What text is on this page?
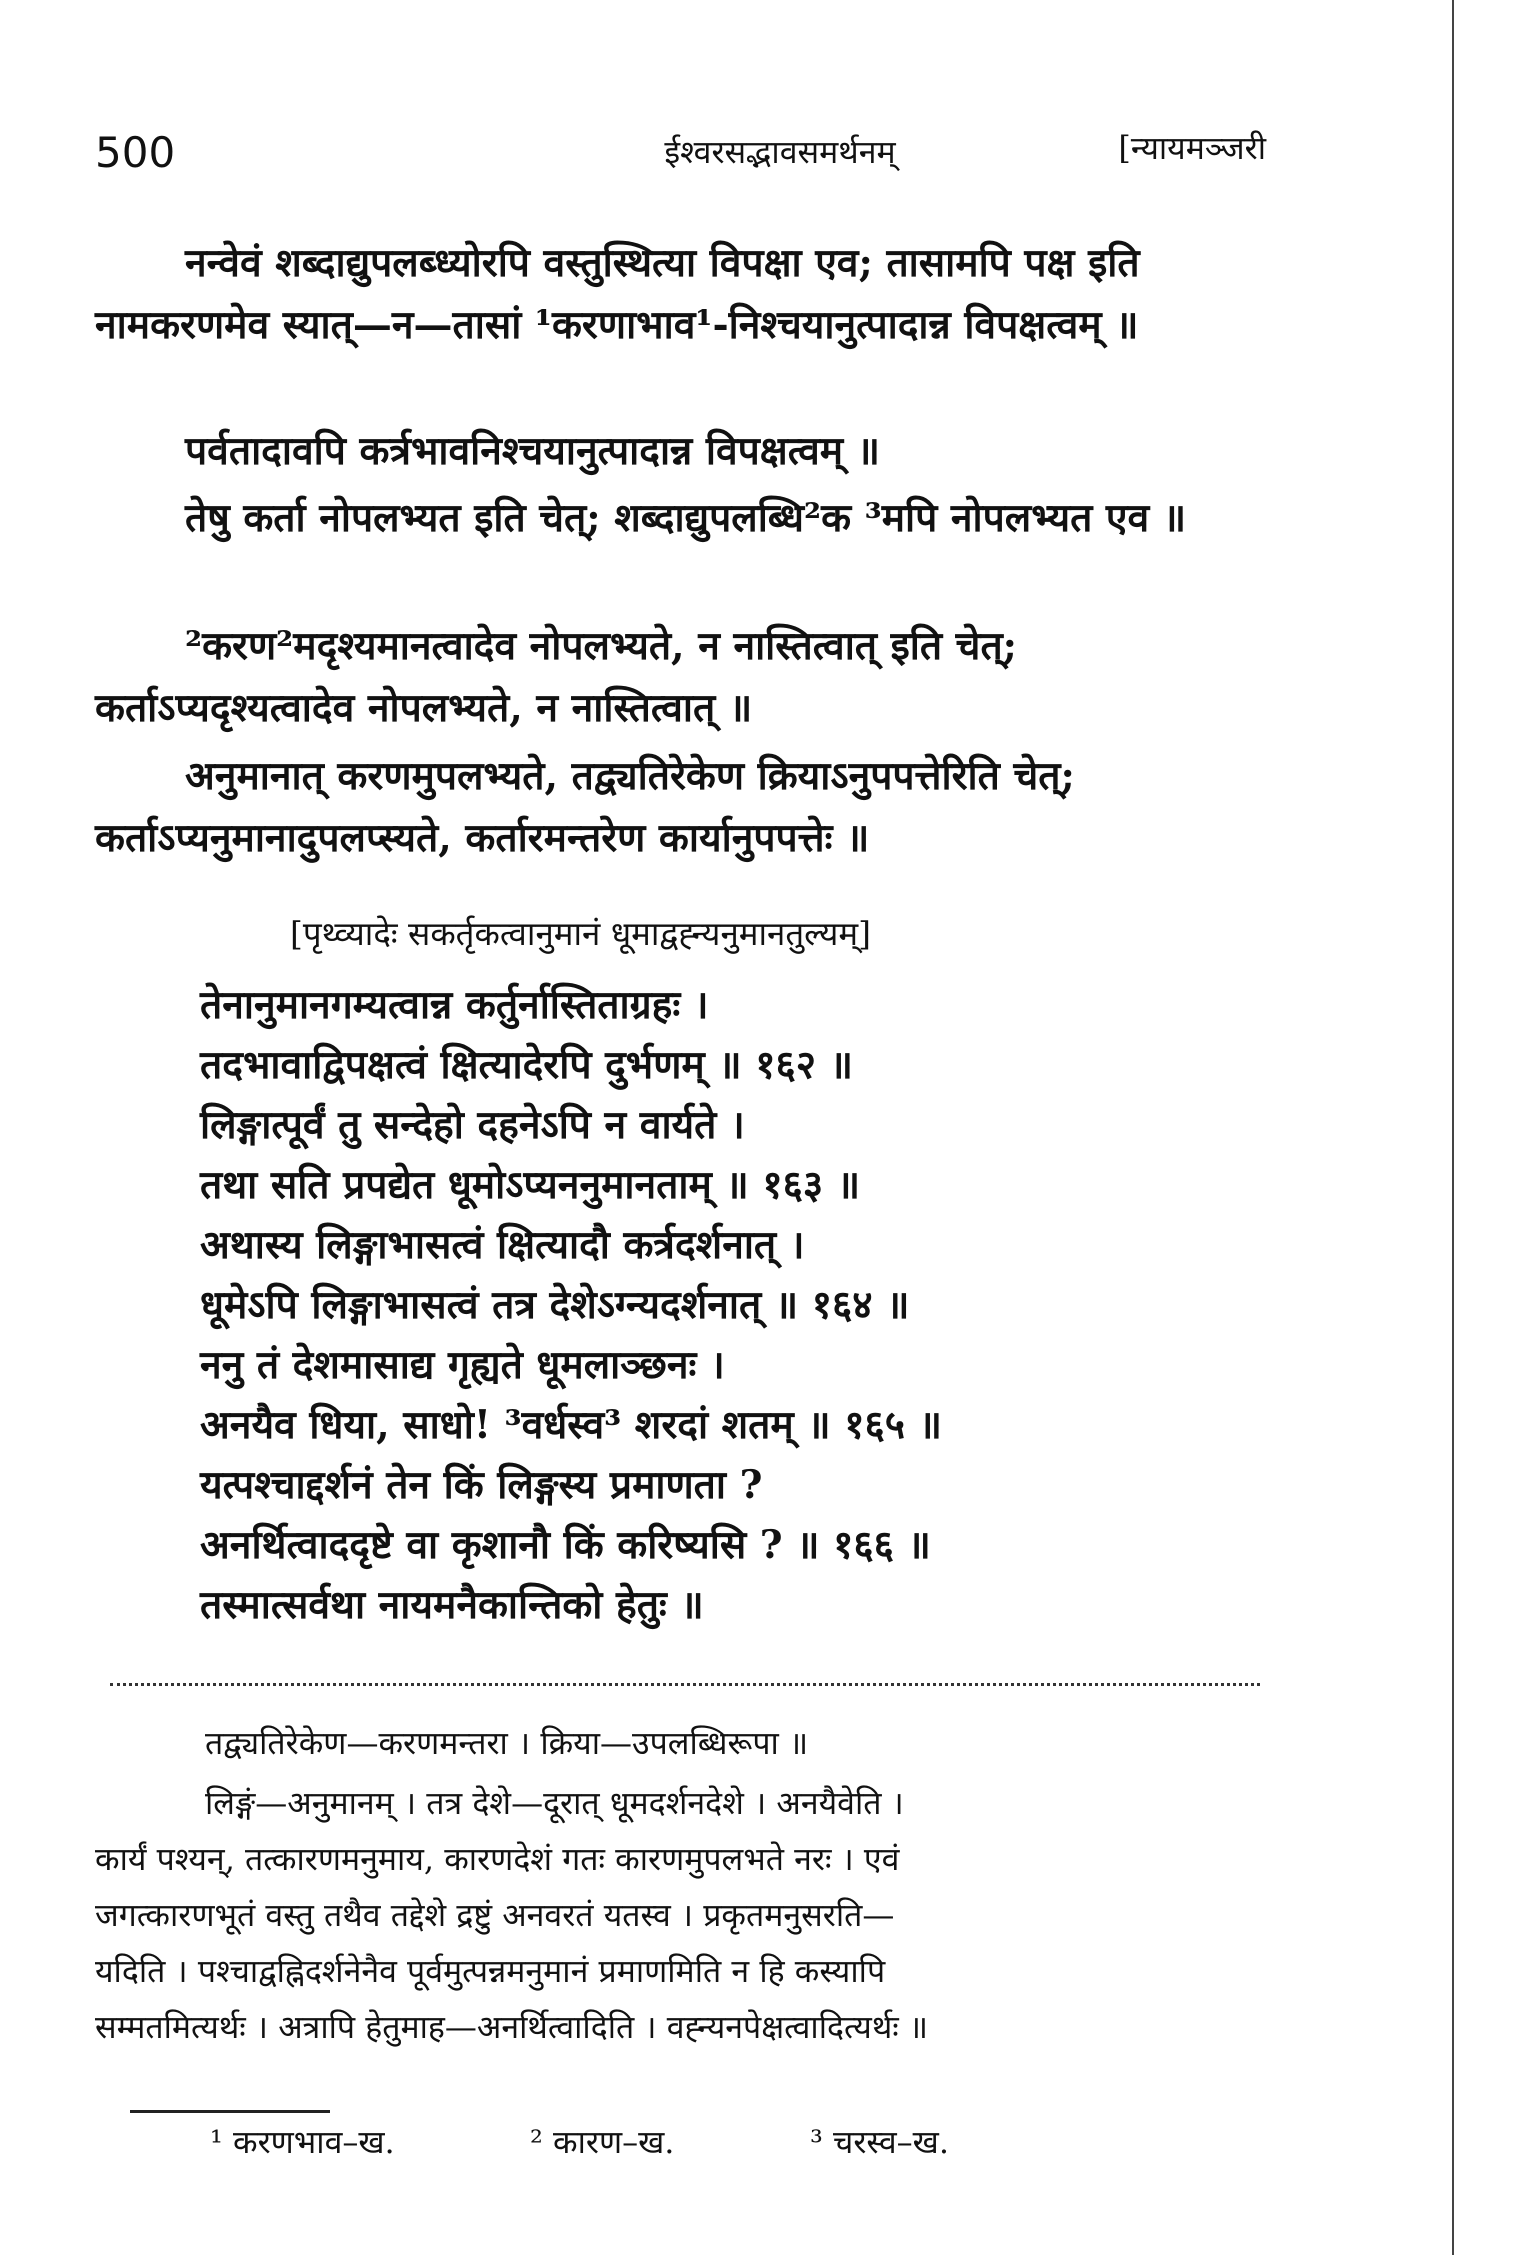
500	ईश्वरसद्भावसमर्थनम्	[न्यायमञ्जरी
नन्वेवं शब्दाद्युपलब्ध्योरपि वस्तुस्थित्या विपक्षा एव; तासामपि पक्ष इति नामकरणमेव स्यात्—न—तासां ¹करणाभाव¹-निश्चयानुत्पादान्न विपक्षत्वम् ॥
पर्वतादावपि कर्त्रभावनिश्चयानुत्पादान्न विपक्षत्वम् ॥
तेषु कर्ता नोपलभ्यत इति चेत्; शब्दाद्युपलब्धि²क ³मपि नोपलभ्यत एव ॥
²करण²मदृश्यमानत्वादेव नोपलभ्यते, न नास्तित्वात् इति चेत्; कर्ताऽप्यदृश्यत्वादेव नोपलभ्यते, न नास्तित्वात् ॥
अनुमानात् करणमुपलभ्यते, तद्व्यतिरेकेण क्रियाऽनुपपत्तेरिति चेत्; कर्ताऽप्यनुमानादुपलप्स्यते, कर्तारमन्तरेण कार्यानुपपत्तेः ॥
[पृथ्व्यादेः सकर्तृकत्वानुमानं धूमाद्वह्न्यनुमानतुल्यम्]
तेनानुमानगम्यत्वान्न कर्तुर्नास्तिताग्रहः ।
तदभावाद्विपक्षत्वं क्षित्यादेरपि दुर्भणम् ॥ १६२ ॥
लिङ्गात्पूर्वं तु सन्देहो दहनेऽपि न वार्यते ।
तथा सति प्रपद्येत धूमोऽप्यननुमानताम् ॥ १६३ ॥
अथास्य लिङ्गाभासत्वं क्षित्यादौ कर्त्रदर्शनात् ।
धूमेऽपि लिङ्गाभासत्वं तत्र देशेऽग्न्यदर्शनात् ॥ १६४ ॥
ननु तं देशमासाद्य गृह्यते धूमलाञ्छनः ।
अनयैव धिया, साधो! ³वर्धस्व³ शरदां शतम् ॥ १६५ ॥
यत्पश्चाद्दर्शनं तेन किं लिङ्गस्य प्रमाणता ?
अनर्थित्वाददृष्टे वा कृशानौ किं करिष्यसि ? ॥ १६६ ॥
तस्मात्सर्वथा नायमनैकान्तिको हेतुः ॥
तद्व्यतिरेकेण—करणमन्तरा । क्रिया—उपलब्धिरूपा ॥
लिङ्गं—अनुमानम् । तत्र देशे—दूरात् धूमदर्शनदेशे । अनयैवेति ।
कार्यं पश्यन्, तत्कारणमनुमाय, कारणदेशं गतः कारणमुपलभते नरः । एवं
जगत्कारणभूतं वस्तु तथैव तद्देशे द्रष्टुं अनवरतं यतस्व । प्रकृतमनुसरति—
यदिति । पश्चाद्वह्निदर्शनेनैव पूर्वमुत्पन्नमनुमानं प्रमाणमिति न हि कस्यापि
सम्मतमित्यर्थः । अत्रापि हेतुमाह—अनर्थित्वादिति । वह्न्यनपेक्षत्वादित्यर्थः ॥
¹ करणभाव–ख.	² कारण–ख.	³ चरस्व–ख.
